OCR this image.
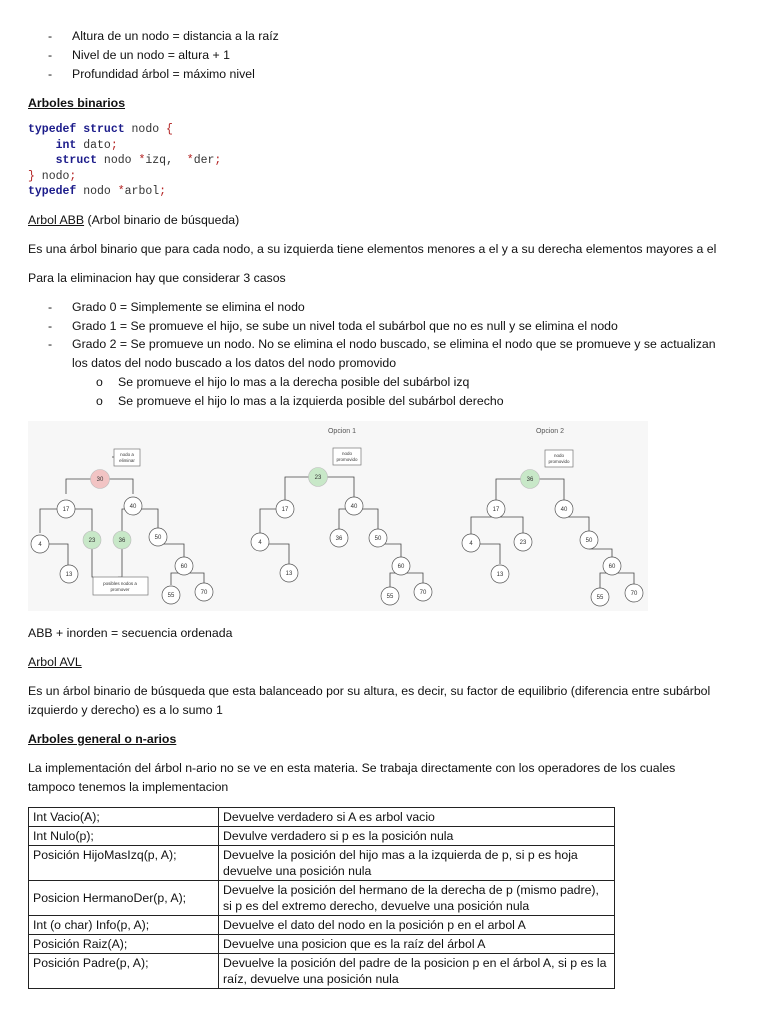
- Altura de un nodo = distancia a la raíz
- Nivel de un nodo = altura + 1
- Profundidad árbol = máximo nivel
Arboles binarios
typedef struct nodo {
int dato;
struct nodo *izq,  *der;
} nodo;
typedef nodo *arbol;
Arbol ABB (Arbol binario de búsqueda)
Es una árbol binario que para cada nodo, a su izquierda tiene elementos menores a el y a su derecha elementos mayores a el
Para la eliminacion hay que considerar 3 casos
- Grado 0 = Simplemente se elimina el nodo
- Grado 1 = Se promueve el hijo, se sube un nivel toda el subárbol que no es null y se elimina el nodo
- Grado 2 = Se promueve un nodo. No se elimina el nodo buscado, se elimina el nodo que se promueve y se actualizan
los datos del nodo buscado a los datos del nodo promovido
o Se promueve el hijo lo mas a la derecha posible del subárbol izq
o Se promueve el hijo lo mas a la izquierda posible del subárbol derecho
nodo a
eliminar
nodo
promovido
nodo
promovido
posibles nodos a
promover
Opcion 1	Opcion 2
30
17	40
4
23	36	50
13
60
55	70
23
17	40
4
36	50
13
60
55
70
36
17	40
4	23	50
13
60
55
70
ABB + inorden = secuencia ordenada
Arbol AVL
Es un árbol binario de búsqueda que esta balanceado por su altura, es decir, su factor de equilibrio (diferencia entre subárbol
izquierdo y derecho) es a lo sumo 1
Arboles general o n-arios
La implementación del árbol n-ario no se ve en esta materia. Se trabaja directamente con los operadores de los cuales
tampoco tenemos la implementacion
Int Vacio(A);	Devuelve verdadero si A es arbol vacio
Int Nulo(p);	Devulve verdadero si p es la posición nula
Posición HijoMasIzq(p, A);	Devuelve la posición del hijo mas a la izquierda de p, si p es hoja devuelve una posición nula
Posicion HermanoDer(p, A);	Devuelve la posición del hermano de la derecha de p (mismo padre), si p es del extremo derecho, devuelve una posición nula
Int (o char) Info(p, A);	Devuelve el dato del nodo en la posición p en el arbol A
Posición Raiz(A);	Devuelve una posicion que es la raíz del árbol A
Posición Padre(p, A);	Devuelve la posición del padre de la posicion p en el árbol A, si p es la raíz, devuelve una posición nula
